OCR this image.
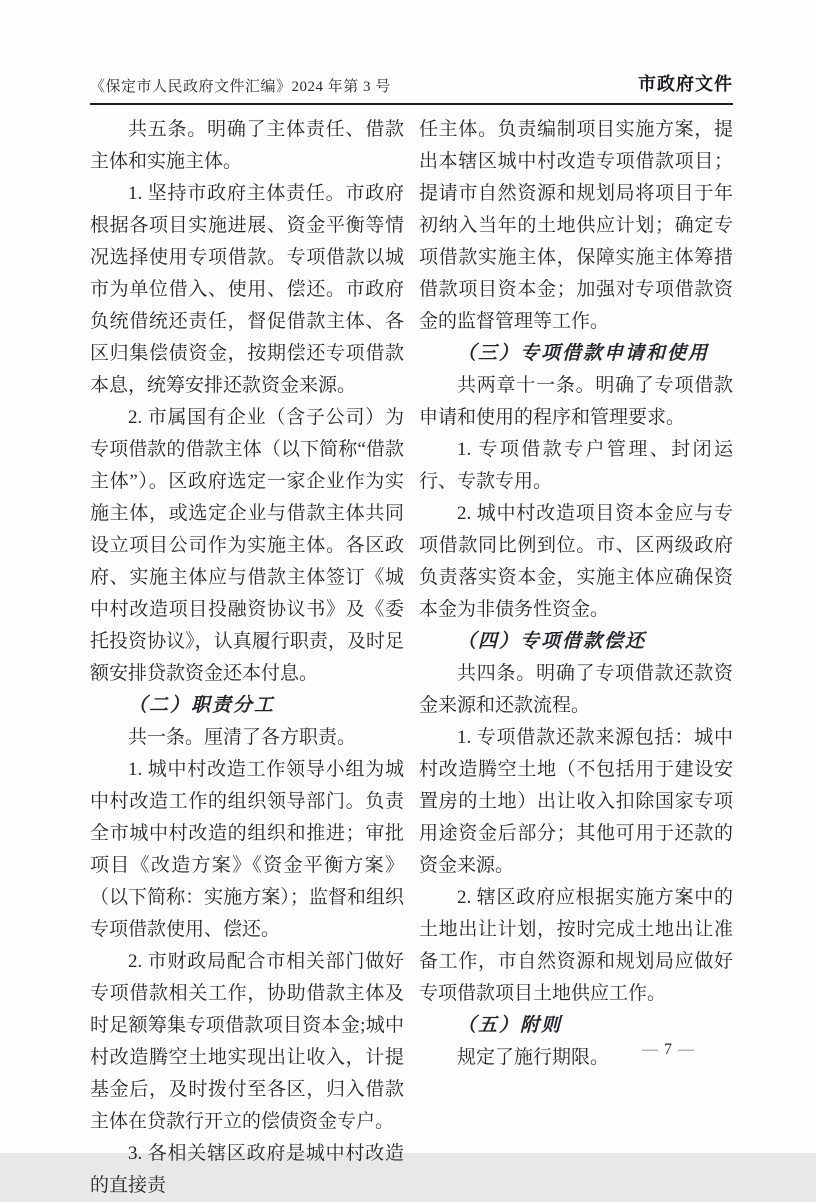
《保定市人民政府文件汇编》2024 年第 3 号	市政府文件

共五条。明确了主体责任、借款主体和实施主体。

1. 坚持市政府主体责任。市政府根据各项目实施进展、资金平衡等情况选择使用专项借款。专项借款以城市为单位借入、使用、偿还。市政府负统借统还责任，督促借款主体、各区归集偿债资金，按期偿还专项借款本息，统筹安排还款资金来源。

2. 市属国有企业（含子公司）为专项借款的借款主体（以下简称“借款主体”）。区政府选定一家企业作为实施主体，或选定企业与借款主体共同设立项目公司作为实施主体。各区政府、实施主体应与借款主体签订《城中村改造项目投融资协议书》及《委托投资协议》，认真履行职责，及时足额安排贷款资金还本付息。

（二）职责分工

共一条。厘清了各方职责。

1. 城中村改造工作领导小组为城中村改造工作的组织领导部门。负责全市城中村改造的组织和推进；审批项目《改造方案》《资金平衡方案》（以下简称：实施方案）；监督和组织专项借款使用、偿还。

2. 市财政局配合市相关部门做好专项借款相关工作，协助借款主体及时足额筹集专项借款项目资本金;城中村改造腾空土地实现出让收入，计提基金后，及时拨付至各区，归入借款主体在贷款行开立的偿债资金专户。

3. 各相关辖区政府是城中村改造的直接责

任主体。负责编制项目实施方案，提出本辖区城中村改造专项借款项目；提请市自然资源和规划局将项目于年初纳入当年的土地供应计划；确定专项借款实施主体，保障实施主体筹措借款项目资本金；加强对专项借款资金的监督管理等工作。

（三）专项借款申请和使用

共两章十一条。明确了专项借款申请和使用的程序和管理要求。

1. 专项借款专户管理、封闭运行、专款专用。

2. 城中村改造项目资本金应与专项借款同比例到位。市、区两级政府负责落实资本金，实施主体应确保资本金为非债务性资金。

（四）专项借款偿还

共四条。明确了专项借款还款资金来源和还款流程。

1. 专项借款还款来源包括：城中村改造腾空土地（不包括用于建设安置房的土地）出让收入扣除国家专项用途资金后部分；其他可用于还款的资金来源。

2. 辖区政府应根据实施方案中的土地出让计划，按时完成土地出让准备工作，市自然资源和规划局应做好专项借款项目土地供应工作。

（五）附则

规定了施行期限。	— 7 —
